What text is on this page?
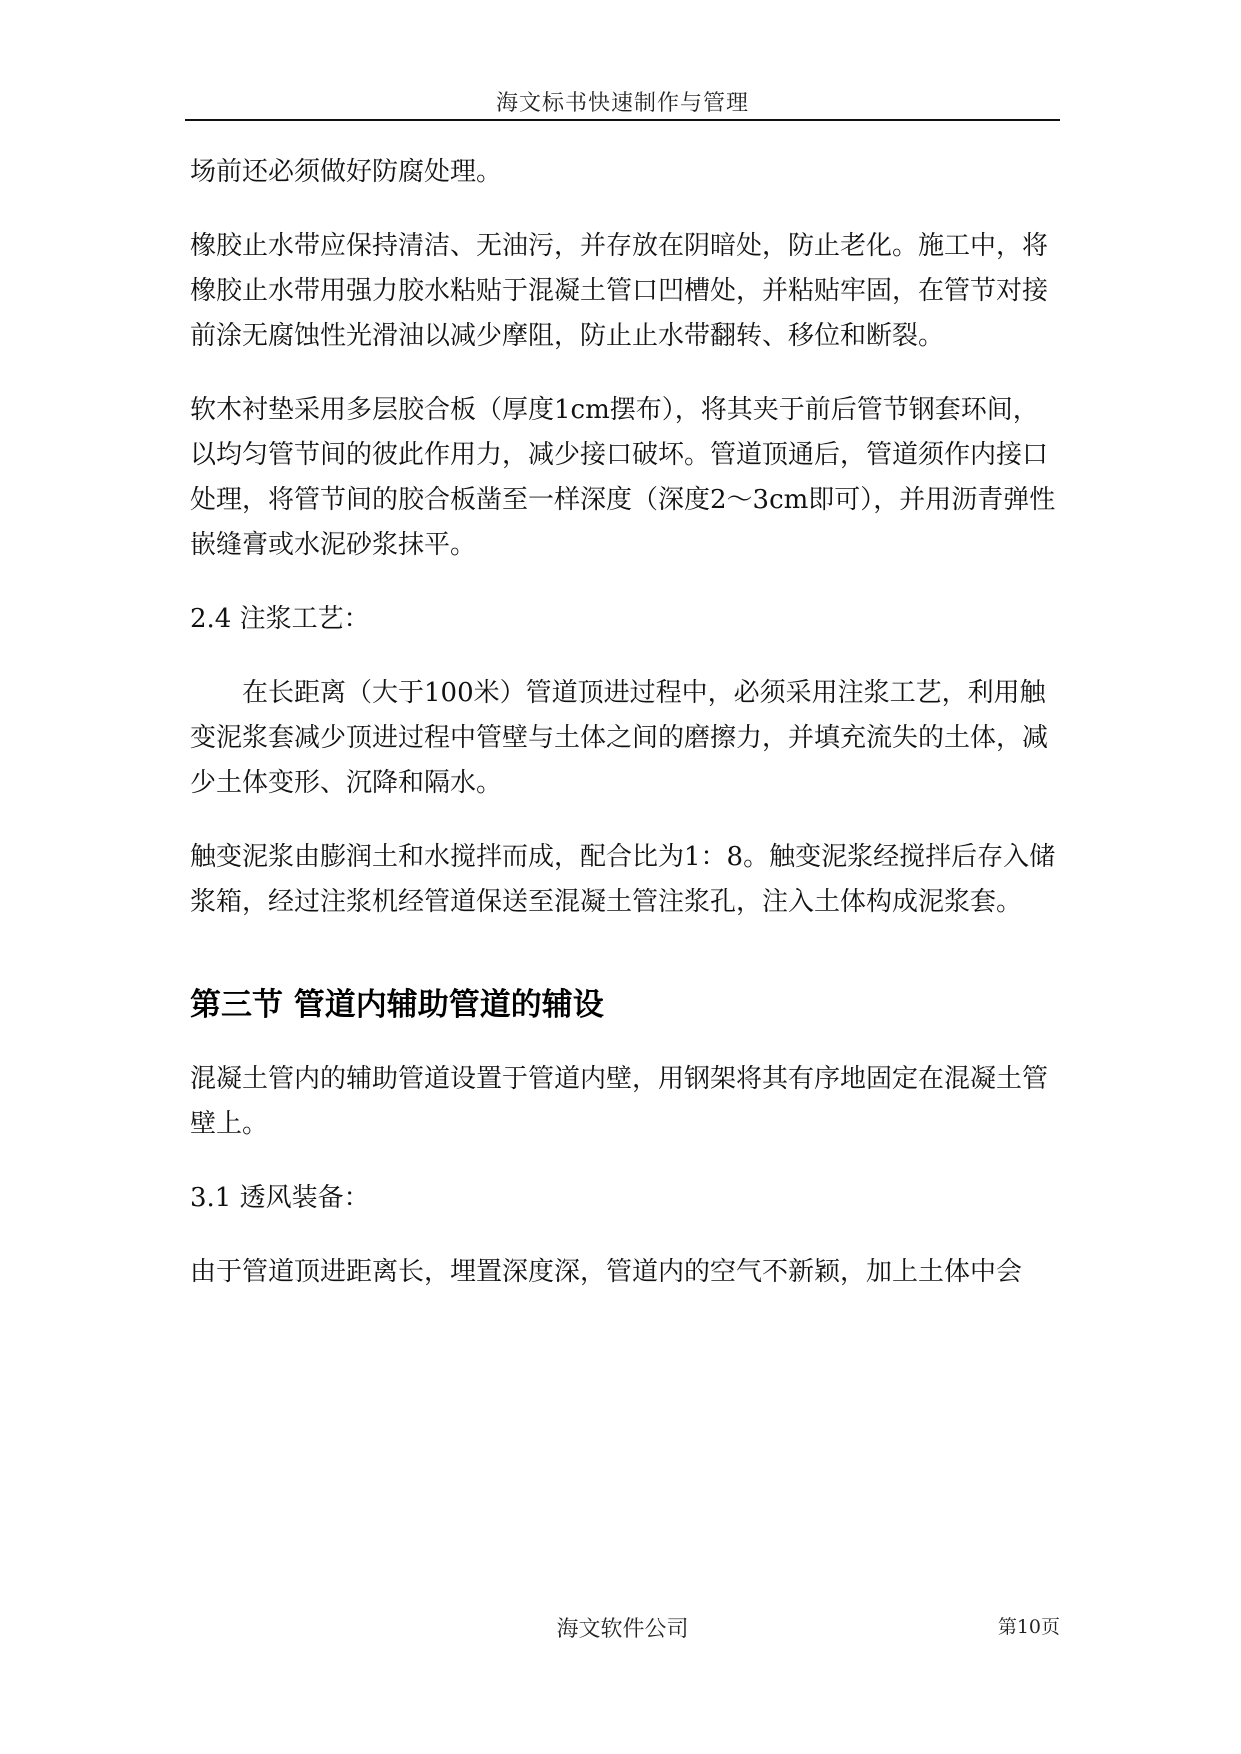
海文标书快速制作与管理

场前还必须做好防腐处理。

橡胶止水带应保持清洁、无油污，并存放在阴暗处，防止老化。施工中，将橡胶止水带用强力胶水粘贴于混凝土管口凹槽处，并粘贴牢固，在管节对接前涂无腐蚀性光滑油以减少摩阻，防止止水带翻转、移位和断裂。

软木衬垫采用多层胶合板（厚度1cm摆布），将其夹于前后管节钢套环间，以均匀管节间的彼此作用力，减少接口破坏。管道顶通后，管道须作内接口处理，将管节间的胶合板凿至一样深度（深度2～3cm即可），并用沥青弹性嵌缝膏或水泥砂浆抹平。

2.4 注浆工艺：

在长距离（大于100米）管道顶进过程中，必须采用注浆工艺，利用触变泥浆套减少顶进过程中管壁与土体之间的磨擦力，并填充流失的土体，减少土体变形、沉降和隔水。

触变泥浆由膨润土和水搅拌而成，配合比为1：8。触变泥浆经搅拌后存入储浆箱，经过注浆机经管道保送至混凝土管注浆孔，注入土体构成泥浆套。

第三节 管道内辅助管道的辅设

混凝土管内的辅助管道设置于管道内壁，用钢架将其有序地固定在混凝土管壁上。

3.1 透风装备：

由于管道顶进距离长，埋置深度深，管道内的空气不新颖，加上土体中会

海文软件公司	第10页
